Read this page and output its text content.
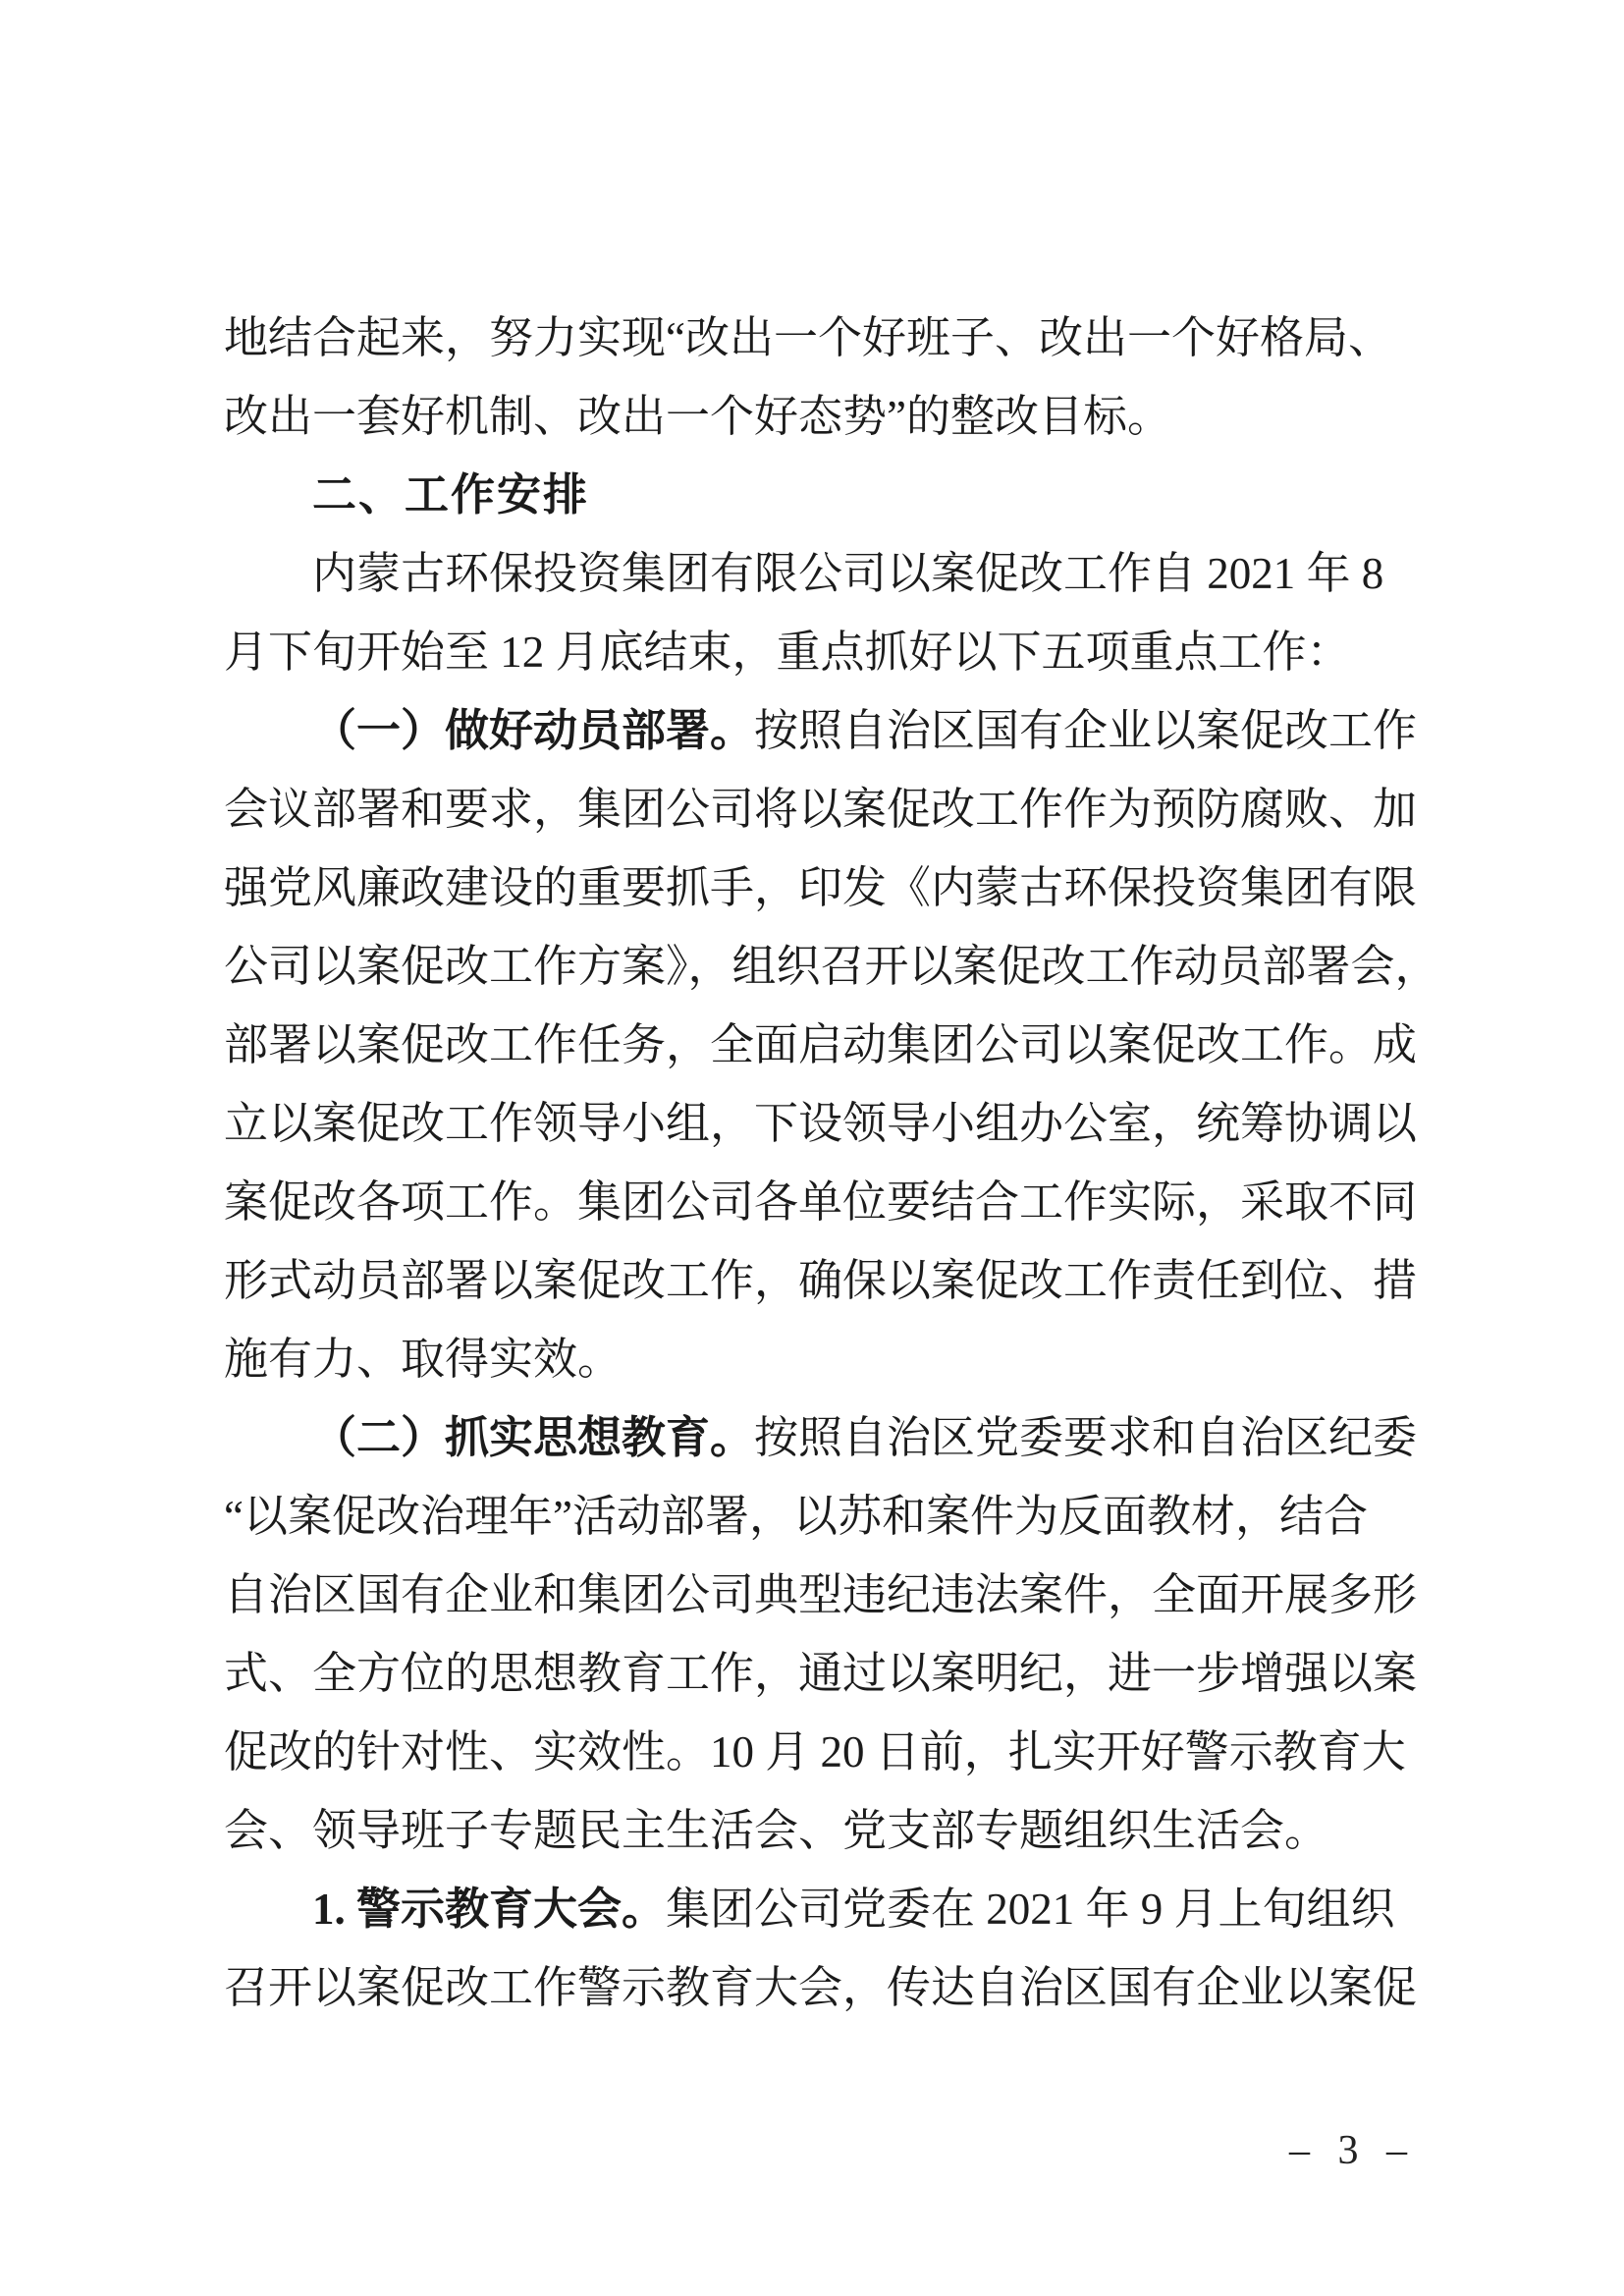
地结合起来，努力实现“改出一个好班子、改出一个好格局、
改出一套好机制、改出一个好态势”的整改目标。
二、工作安排
内蒙古环保投资集团有限公司以案促改工作自 2021 年 8
月下旬开始至 12 月底结束，重点抓好以下五项重点工作：
（一）做好动员部署。按照自治区国有企业以案促改工作
会议部署和要求，集团公司将以案促改工作作为预防腐败、加
强党风廉政建设的重要抓手，印发《内蒙古环保投资集团有限
公司以案促改工作方案》，组织召开以案促改工作动员部署会，
部署以案促改工作任务，全面启动集团公司以案促改工作。成
立以案促改工作领导小组，下设领导小组办公室，统筹协调以
案促改各项工作。集团公司各单位要结合工作实际，采取不同
形式动员部署以案促改工作，确保以案促改工作责任到位、措
施有力、取得实效。
（二）抓实思想教育。按照自治区党委要求和自治区纪委
“以案促改治理年”活动部署，以苏和案件为反面教材，结合
自治区国有企业和集团公司典型违纪违法案件，全面开展多形
式、全方位的思想教育工作，通过以案明纪，进一步增强以案
促改的针对性、实效性。10 月 20 日前，扎实开好警示教育大
会、领导班子专题民主生活会、党支部专题组织生活会。
1. 警示教育大会。集团公司党委在 2021 年 9 月上旬组织
召开以案促改工作警示教育大会，传达自治区国有企业以案促
– 3 –
